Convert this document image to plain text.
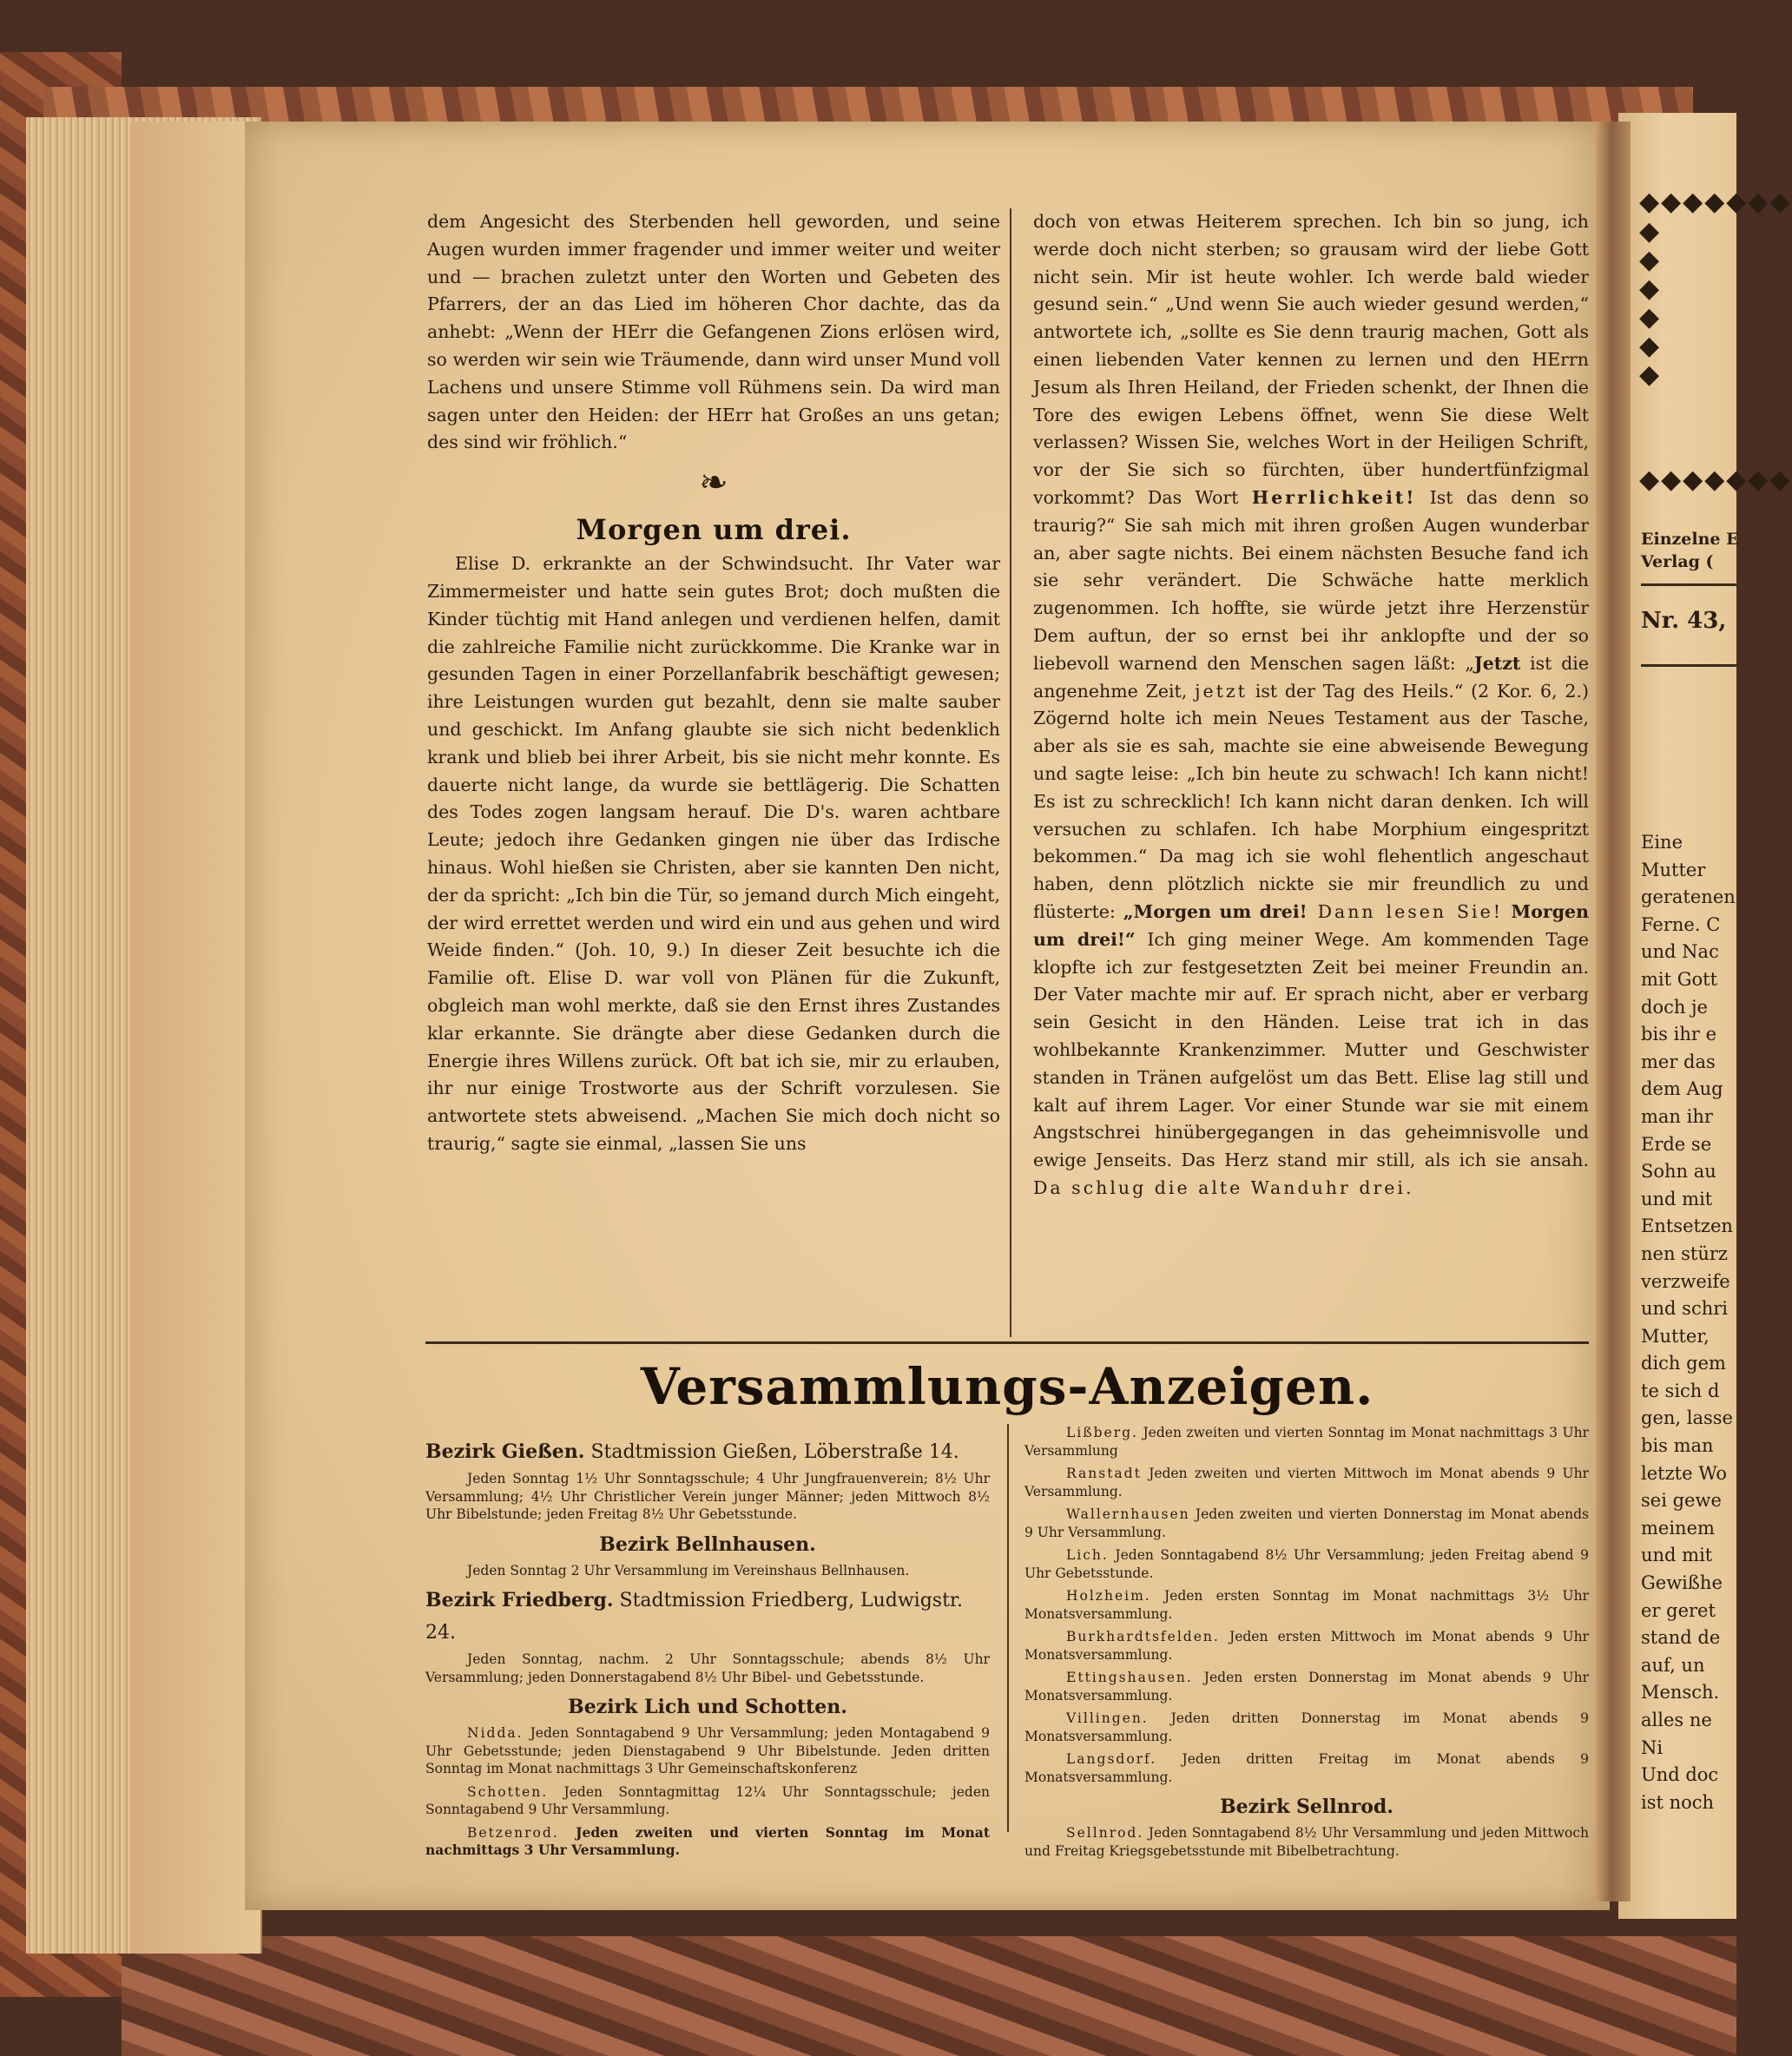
dem Angesicht des Sterbenden hell geworden, und seine Augen wurden immer fragender und immer weiter und weiter und — brachen zuletzt unter den Worten und Gebeten des Pfarrers, der an das Lied im höheren Chor dachte, das da anhebt: „Wenn der HErr die Gefangenen Zions erlösen wird, so werden wir sein wie Träumende, dann wird unser Mund voll Lachens und unsere Stimme voll Rühmens sein. Da wird man sagen unter den Heiden: der HErr hat Großes an uns getan; des sind wir fröhlich.“

❧
Morgen um drei.

Elise D. erkrankte an der Schwindsucht. Ihr Vater war Zimmermeister und hatte sein gutes Brot; doch mußten die Kinder tüchtig mit Hand anlegen und verdienen helfen, damit die zahlreiche Familie nicht zurückkomme. Die Kranke war in gesunden Tagen in einer Porzellanfabrik beschäftigt gewesen; ihre Leistungen wurden gut bezahlt, denn sie malte sauber und geschickt. Im Anfang glaubte sie sich nicht bedenklich krank und blieb bei ihrer Arbeit, bis sie nicht mehr konnte. Es dauerte nicht lange, da wurde sie bettlägerig. Die Schatten des Todes zogen langsam herauf. Die D's. waren achtbare Leute; jedoch ihre Gedanken gingen nie über das Irdische hinaus. Wohl hießen sie Christen, aber sie kannten Den nicht, der da spricht: „Ich bin die Tür, so jemand durch Mich eingeht, der wird errettet werden und wird ein und aus gehen und wird Weide finden.“ (Joh. 10, 9.) In dieser Zeit besuchte ich die Familie oft. Elise D. war voll von Plänen für die Zukunft, obgleich man wohl merkte, daß sie den Ernst ihres Zustandes klar erkannte. Sie drängte aber diese Gedanken durch die Energie ihres Willens zurück. Oft bat ich sie, mir zu erlauben, ihr nur einige Trostworte aus der Schrift vorzulesen. Sie antwortete stets abweisend. „Machen Sie mich doch nicht so traurig,“ sagte sie einmal, „lassen Sie uns

doch von etwas Heiterem sprechen. Ich bin so jung, ich werde doch nicht sterben; so grausam wird der liebe Gott nicht sein. Mir ist heute wohler. Ich werde bald wieder gesund sein.“ „Und wenn Sie auch wieder gesund werden,“ antwortete ich, „sollte es Sie denn traurig machen, Gott als einen liebenden Vater kennen zu lernen und den HErrn Jesum als Ihren Heiland, der Frieden schenkt, der Ihnen die Tore des ewigen Lebens öffnet, wenn Sie diese Welt verlassen? Wissen Sie, welches Wort in der Heiligen Schrift, vor der Sie sich so fürchten, über hundertfünfzigmal vorkommt? Das Wort Herrlichkeit! Ist das denn so traurig?“ Sie sah mich mit ihren großen Augen wunderbar an, aber sagte nichts. Bei einem nächsten Besuche fand ich sie sehr verändert. Die Schwäche hatte merklich zugenommen. Ich hoffte, sie würde jetzt ihre Herzenstür Dem auftun, der so ernst bei ihr anklopfte und der so liebevoll warnend den Menschen sagen läßt: „Jetzt ist die angenehme Zeit, jetzt ist der Tag des Heils.“ (2 Kor. 6, 2.) Zögernd holte ich mein Neues Testament aus der Tasche, aber als sie es sah, machte sie eine abweisende Bewegung und sagte leise: „Ich bin heute zu schwach! Ich kann nicht! Es ist zu schrecklich! Ich kann nicht daran denken. Ich will versuchen zu schlafen. Ich habe Morphium eingespritzt bekommen.“ Da mag ich sie wohl flehentlich angeschaut haben, denn plötzlich nickte sie mir freundlich zu und flüsterte: „Morgen um drei! Dann lesen Sie! Morgen um drei!“ Ich ging meiner Wege. Am kommenden Tage klopfte ich zur festgesetzten Zeit bei meiner Freundin an. Der Vater machte mir auf. Er sprach nicht, aber er verbarg sein Gesicht in den Händen. Leise trat ich in das wohlbekannte Krankenzimmer. Mutter und Geschwister standen in Tränen aufgelöst um das Bett. Elise lag still und kalt auf ihrem Lager. Vor einer Stunde war sie mit einem Angstschrei hinübergegangen in das geheimnisvolle und ewige Jenseits. Das Herz stand mir still, als ich sie ansah. Da schlug die alte Wanduhr drei.

Versammlungs-Anzeigen.
Bezirk Gießen. Stadtmission Gießen, Löberstraße 14.

Jeden Sonntag 1½ Uhr Sonntagsschule; 4 Uhr Jungfrauenverein; 8½ Uhr Versammlung; 4½ Uhr Christlicher Verein junger Männer; jeden Mittwoch 8½ Uhr Bibelstunde; jeden Freitag 8½ Uhr Gebetsstunde.

Bezirk Bellnhausen.

Jeden Sonntag 2 Uhr Versammlung im Vereinshaus Bellnhausen.

Bezirk Friedberg. Stadtmission Friedberg, Ludwigstr. 24.

Jeden Sonntag, nachm. 2 Uhr Sonntagsschule; abends 8½ Uhr Versammlung; jeden Donnerstagabend 8½ Uhr Bibel- und Gebetsstunde.

Bezirk Lich und Schotten.

Nidda. Jeden Sonntagabend 9 Uhr Versammlung; jeden Montagabend 9 Uhr Gebetsstunde; jeden Dienstagabend 9 Uhr Bibelstunde. Jeden dritten Sonntag im Monat nachmittags 3 Uhr Gemeinschaftskonferenz

Schotten. Jeden Sonntagmittag 12¼ Uhr Sonntagsschule; jeden Sonntagabend 9 Uhr Versammlung.

Betzenrod. Jeden zweiten und vierten Sonntag im Monat nachmittags 3 Uhr Versammlung.

Lißberg. Jeden zweiten und vierten Sonntag im Monat nachmittags 3 Uhr Versammlung

Ranstadt Jeden zweiten und vierten Mittwoch im Monat abends 9 Uhr Versammlung.

Wallernhausen Jeden zweiten und vierten Donnerstag im Monat abends 9 Uhr Versammlung.

Lich. Jeden Sonntagabend 8½ Uhr Versammlung; jeden Freitag abend 9 Uhr Gebetsstunde.

Holzheim. Jeden ersten Sonntag im Monat nachmittags 3½ Uhr Monatsversammlung.

Burkhardtsfelden. Jeden ersten Mittwoch im Monat abends 9 Uhr Monatsversammlung.

Ettingshausen. Jeden ersten Donnerstag im Monat abends 9 Uhr Monatsversammlung.

Villingen. Jeden dritten Donnerstag im Monat abends 9 Monatsversammlung.

Langsdorf. Jeden dritten Freitag im Monat abends 9 Monatsversammlung.

Bezirk Sellnrod.

Sellnrod. Jeden Sonntagabend 8½ Uhr Versammlung und jeden Mittwoch und Freitag Kriegsgebetsstunde mit Bibelbetrachtung.

◆◆◆◆◆◆◆
◆
◆
◆
◆
◆
◆
◆◆◆◆◆◆◆
Einzelne E
Verlag (
Nr. 43,
Eine
Mutter
geratenen
Ferne. C
und Nac
mit Gott
doch je
bis ihr e
mer das
dem Aug
man ihr
Erde se
Sohn au
und mit
Entsetzen
nen stürz
verzweife
und schri
Mutter,
dich gem
te sich d
gen, lasse
bis man
letzte Wo
sei gewe
meinem
und mit
Gewißhe
er geret
stand de
auf, un
Mensch.
alles ne
Ni
Und doc
ist noch
